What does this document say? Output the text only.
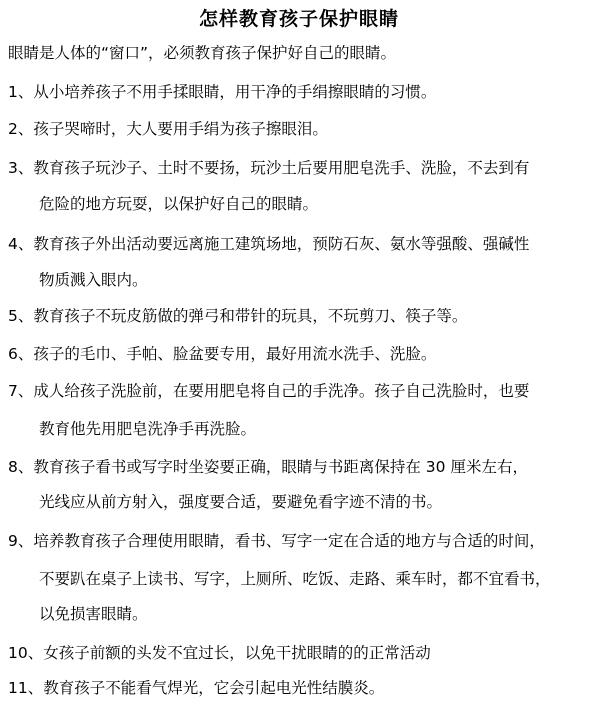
怎样教育孩子保护眼睛
眼睛是人体的“窗口”，必须教育孩子保护好自己的眼睛。
1、从小培养孩子不用手揉眼睛，用干净的手绢擦眼睛的习惯。
2、孩子哭啼时，大人要用手绢为孩子擦眼泪。
3、教育孩子玩沙子、土时不要扬，玩沙土后要用肥皂洗手、洗脸，不去到有
危险的地方玩耍，以保护好自己的眼睛。
4、教育孩子外出活动要远离施工建筑场地，预防石灰、氨水等强酸、强碱性
物质溅入眼内。
5、教育孩子不玩皮筋做的弹弓和带针的玩具，不玩剪刀、筷子等。
6、孩子的毛巾、手帕、脸盆要专用，最好用流水洗手、洗脸。
7、成人给孩子洗脸前，在要用肥皂将自己的手洗净。孩子自己洗脸时，也要
教育他先用肥皂洗净手再洗脸。
8、教育孩子看书或写字时坐姿要正确，眼睛与书距离保持在 30 厘米左右，
光线应从前方射入，强度要合适，要避免看字迹不清的书。
9、培养教育孩子合理使用眼睛，看书、写字一定在合适的地方与合适的时间，
不要趴在桌子上读书、写字，上厕所、吃饭、走路、乘车时，都不宜看书，
以免损害眼睛。
10、女孩子前额的头发不宜过长，以免干扰眼睛的的正常活动
11、教育孩子不能看气焊光，它会引起电光性结膜炎。
